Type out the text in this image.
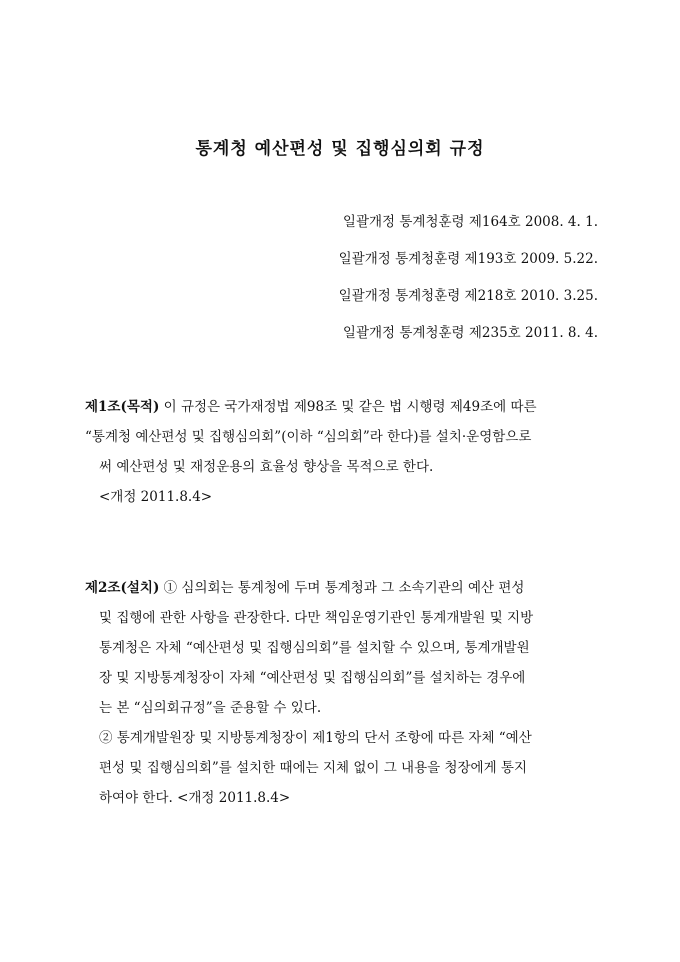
통계청 예산편성 및 집행심의회 규정
일괄개정 통계청훈령 제164호 2008. 4. 1.
일괄개정 통계청훈령 제193호 2009. 5.22.
일괄개정 통계청훈령 제218호 2010. 3.25.
일괄개정 통계청훈령 제235호 2011. 8. 4.
제1조(목적) 이 규정은 국가재정법 제98조 및 같은 법 시행령 제49조에 따른
“통계청 예산편성 및 집행심의회”(이하 “심의회”라 한다)를 설치·운영함으로
써 예산편성 및 재정운용의 효율성 향상을 목적으로 한다.
<개정 2011.8.4>
제2조(설치) ① 심의회는 통계청에 두며 통계청과 그 소속기관의 예산 편성
및 집행에 관한 사항을 관장한다. 다만 책임운영기관인 통계개발원 및 지방
통계청은 자체 “예산편성 및 집행심의회”를 설치할 수 있으며, 통계개발원
장 및 지방통계청장이 자체 “예산편성 및 집행심의회”를 설치하는 경우에
는 본 “심의회규정”을 준용할 수 있다.
② 통계개발원장 및 지방통계청장이 제1항의 단서 조항에 따른 자체 “예산
편성 및 집행심의회”를 설치한 때에는 지체 없이 그 내용을 청장에게 통지
하여야 한다. <개정 2011.8.4>
